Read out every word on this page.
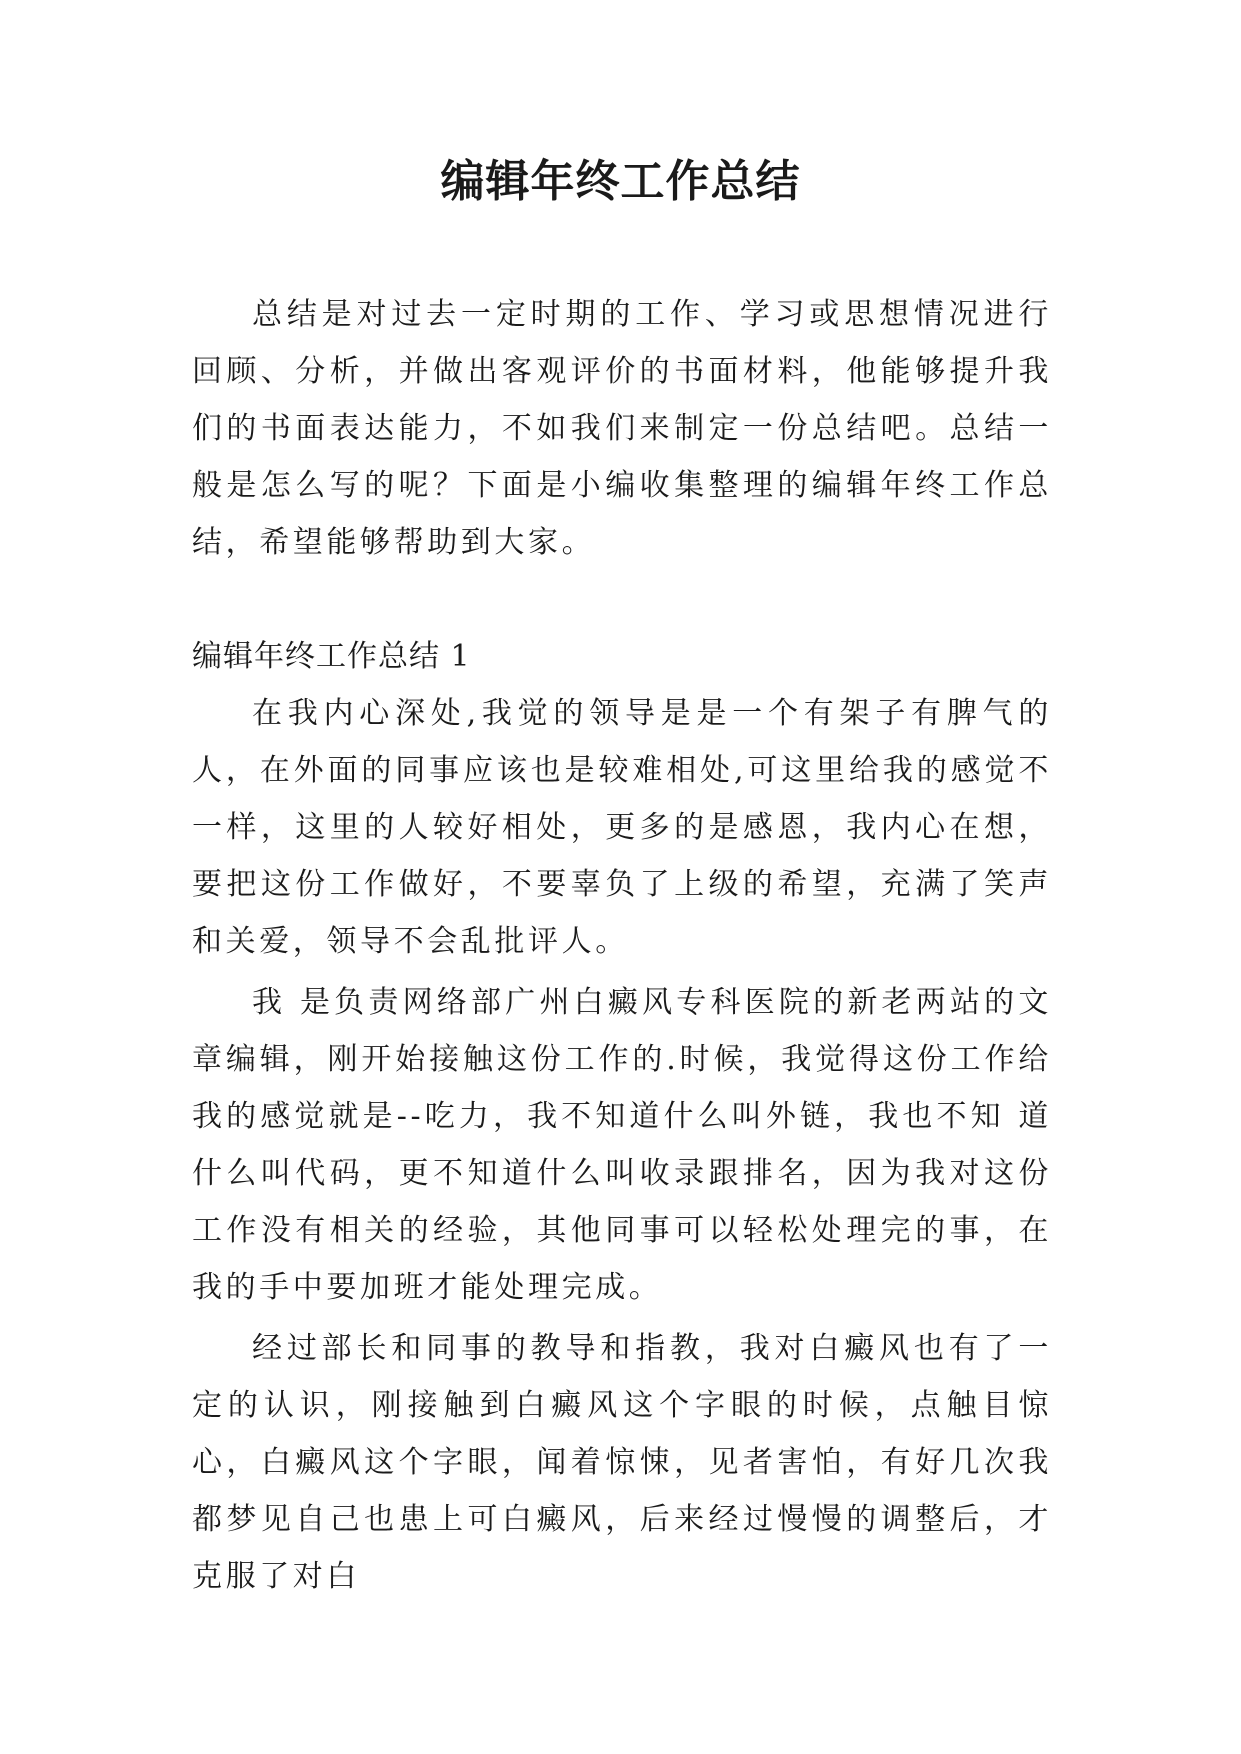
编辑年终工作总结

总结是对过去一定时期的工作、学习或思想情况进行回顾、分析，并做出客观评价的书面材料，他能够提升我们的书面表达能力，不如我们来制定一份总结吧。总结一般是怎么写的呢？下面是小编收集整理的编辑年终工作总结，希望能够帮助到大家。

编辑年终工作总结 1

在我内心深处,我觉的领导是是一个有架子有脾气的人，在外面的同事应该也是较难相处,可这里给我的感觉不一样，这里的人较好相处，更多的是感恩，我内心在想，要把这份工作做好，不要辜负了上级的希望，充满了笑声和关爱，领导不会乱批评人。

我 是负责网络部广州白癜风专科医院的新老两站的文章编辑，刚开始接触这份工作的.时候，我觉得这份工作给我的感觉就是--吃力，我不知道什么叫外链，我也不知 道什么叫代码，更不知道什么叫收录跟排名，因为我对这份工作没有相关的经验，其他同事可以轻松处理完的事，在我的手中要加班才能处理完成。

经过部长和同事的教导和指教，我对白癜风也有了一定的认识，刚接触到白癜风这个字眼的时候，点触目惊心，白癜风这个字眼，闻着惊悚，见者害怕，有好几次我都梦见自己也患上可白癜风，后来经过慢慢的调整后，才克服了对白
